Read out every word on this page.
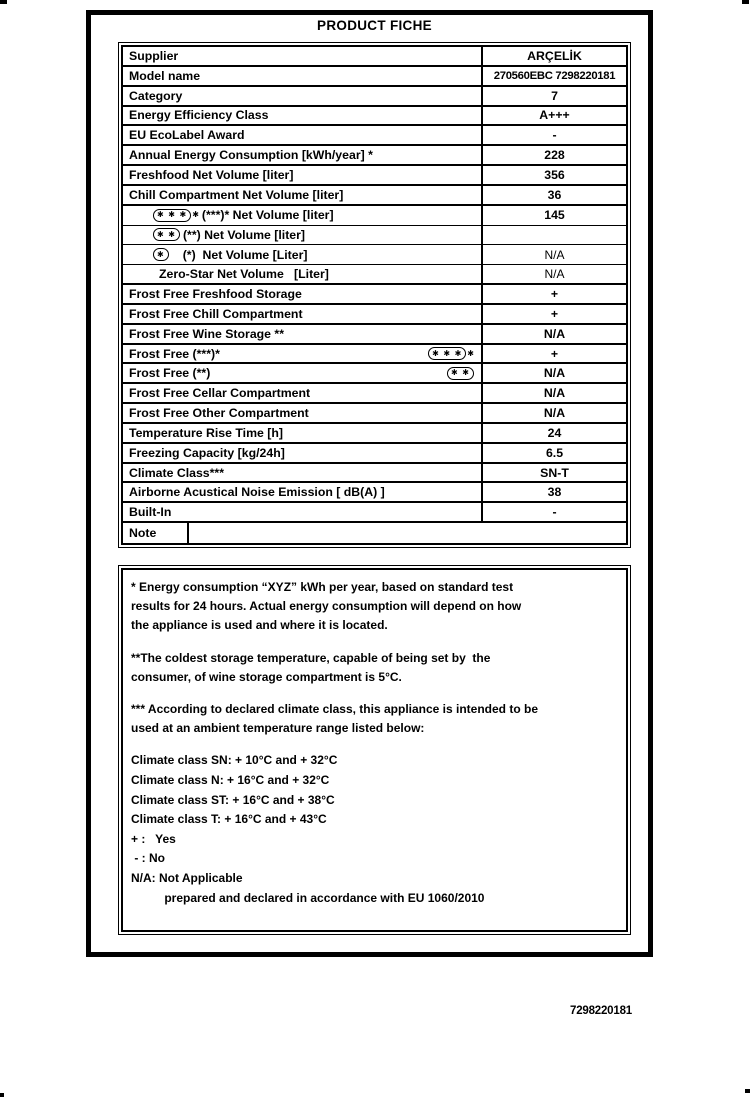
PRODUCT FICHE
Supplier	ARÇELİK
Model name	270560EBC 7298220181
Category	7
Energy Efficiency Class	A+++
EU EcoLabel Award	-
Annual Energy Consumption [kWh/year] *	228
Freshfood Net Volume [liter]	356
Chill Compartment Net Volume [liter]	36
✱ ✱ ✱ ✱ (***)* Net Volume [liter]	145
✱ ✱ (**) Net Volume [liter]
✱	(*)  Net Volume [Liter]	N/A
Zero-Star Net Volume   [Liter]	N/A
Frost Free Freshfood Storage	+
Frost Free Chill Compartment	+
Frost Free Wine Storage **	N/A
Frost Free (***)*	✱ ✱ ✱ ✱	+
Frost Free (**)	✱ ✱	N/A
Frost Free Cellar Compartment	N/A
Frost Free Other Compartment	N/A
Temperature Rise Time [h]	24
Freezing Capacity [kg/24h]	6.5
Climate Class***	SN-T
Airborne Acustical Noise Emission [ dB(A) ]	38
Built-In	-
Note
* Energy consumption “XYZ” kWh per year, based on standard test
results for 24 hours. Actual energy consumption will depend on how
the appliance is used and where it is located.
**The coldest storage temperature, capable of being set by  the
consumer, of wine storage compartment is 5°C.
*** According to declared climate class, this appliance is intended to be
used at an ambient temperature range listed below:
Climate class SN: + 10°C and + 32°C
Climate class N: + 16°C and + 32°C
Climate class ST: + 16°C and + 38°C
Climate class T: + 16°C and + 43°C
+ :   Yes
- : No
N/A: Not Applicable
prepared and declared in accordance with EU 1060/2010
7298220181
